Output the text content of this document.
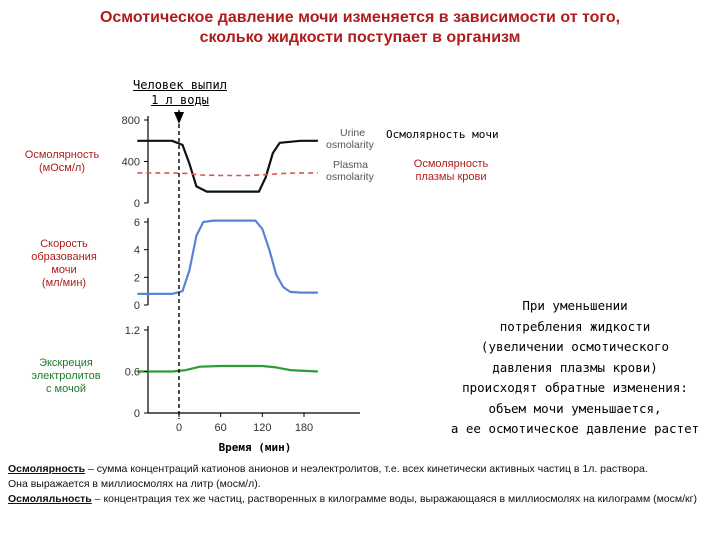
Осмотическое давление мочи изменяется в зависимости от того,
сколько жидкости поступает в организм
Человек выпил
1 л воды
Осмолярность
(мОсм/л)
Скорость
образования
мочи
(мл/мин)
Экскреция
электролитов
с мочой
Осмолярность мочи
Осмолярность
плазмы крови
Время (мин)
0
400
800
0
2
4
6
0
0.6
1.2
0	60 120 180
Urine
osmolarity
Plasma
osmolarity
При уменьшении
потребления жидкости
(увеличении осмотического
давления плазмы крови)
происходят обратные изменения:
объем мочи уменьшается,
а ее осмотическое давление растет
Осмолярность – сумма концентраций катионов анионов и неэлектролитов, т.е. всех кинетически активных частиц в 1л. раствора.
Она выражается в миллиосмолях на литр (мосм/л).
Осмоляльность – концентрация тех же частиц, растворенных в килограмме воды, выражающаяся в миллиосмолях на килограмм (мосм/кг)
